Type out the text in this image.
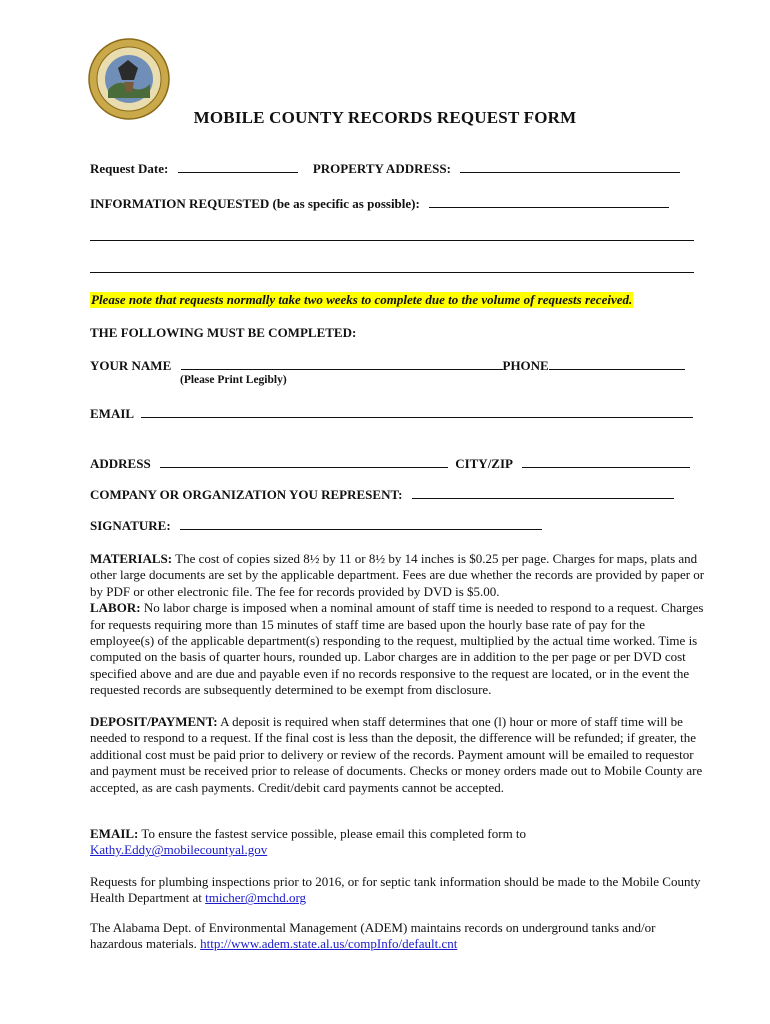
MOBILE COUNTY RECORDS REQUEST FORM
Request Date:	PROPERTY ADDRESS:
INFORMATION REQUESTED (be as specific as possible):
Please note that requests normally take two weeks to complete due to the volume of requests received.
THE FOLLOWING MUST BE COMPLETED:
YOUR NAME	PHONE
(Please Print Legibly)
EMAIL
ADDRESS	CITY/ZIP
COMPANY OR ORGANIZATION YOU REPRESENT:
SIGNATURE:
MATERIALS: The cost of copies sized 8½ by 11 or 8½ by 14 inches is $0.25 per page. Charges for maps, plats and other large documents are set by the applicable department. Fees are due whether the records are provided by paper or by PDF or other electronic file. The fee for records provided by DVD is $5.00.
LABOR: No labor charge is imposed when a nominal amount of staff time is needed to respond to a request. Charges for requests requiring more than 15 minutes of staff time are based upon the hourly base rate of pay for the employee(s) of the applicable department(s) responding to the request, multiplied by the actual time worked. Time is computed on the basis of quarter hours, rounded up. Labor charges are in addition to the per page or per DVD cost specified above and are due and payable even if no records responsive to the request are located, or in the event the requested records are subsequently determined to be exempt from disclosure.
DEPOSIT/PAYMENT: A deposit is required when staff determines that one (l) hour or more of staff time will be needed to respond to a request. If the final cost is less than the deposit, the difference will be refunded; if greater, the additional cost must be paid prior to delivery or review of the records. Payment amount will be emailed to requestor and payment must be received prior to release of documents. Checks or money orders made out to Mobile County are accepted, as are cash payments. Credit/debit card payments cannot be accepted.
EMAIL: To ensure the fastest service possible, please email this completed form to
Kathy.Eddy@mobilecountyal.gov
Requests for plumbing inspections prior to 2016, or for septic tank information should be made to the Mobile County Health Department at tmicher@mchd.org
The Alabama Dept. of Environmental Management (ADEM) maintains records on underground tanks and/or hazardous materials. http://www.adem.state.al.us/compInfo/default.cnt
